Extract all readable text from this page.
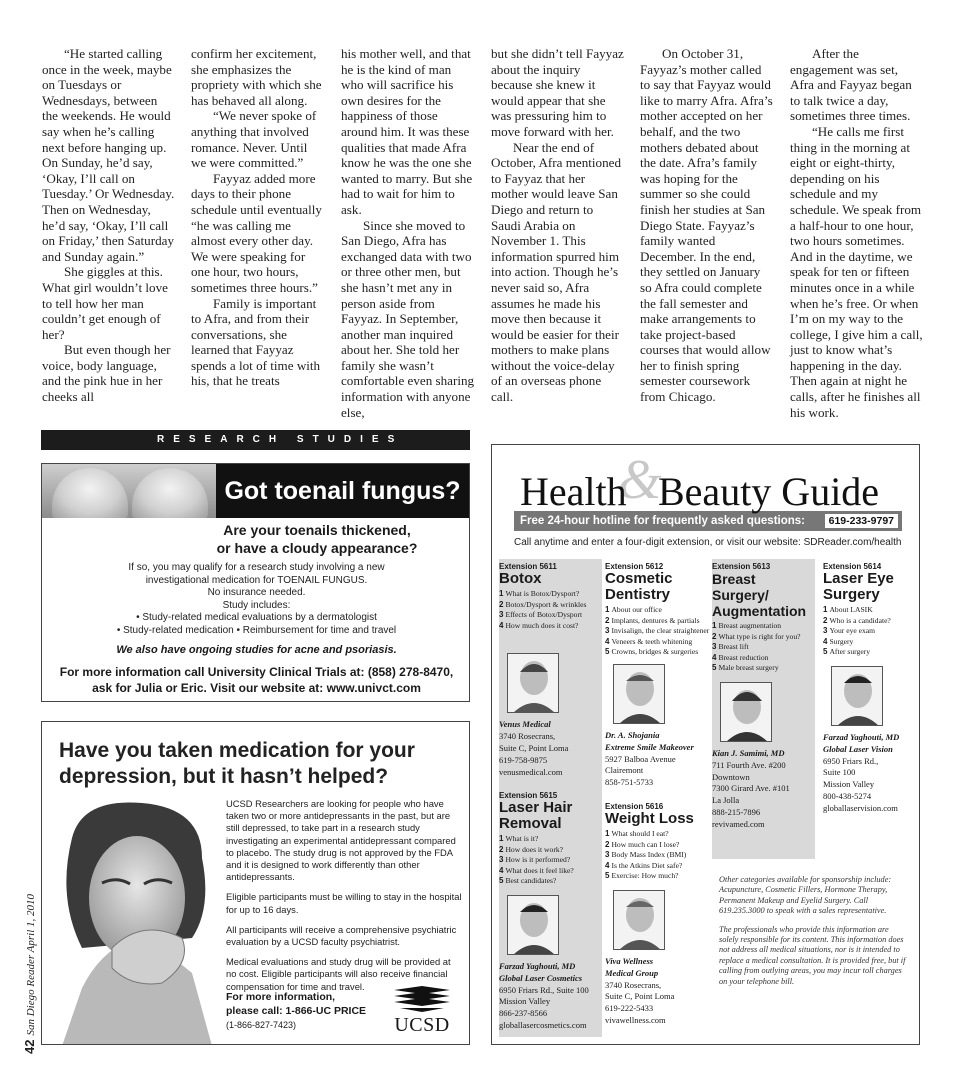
“He started calling once in the week, maybe on Tuesdays or Wednesdays, between the weekends. He would say when he’s calling next before hanging up. On Sunday, he’d say, ‘Okay, I’ll call on Tuesday.’ Or Wednesday. Then on Wednesday, he’d say, ‘Okay, I’ll call on Friday,’ then Saturday and Sunday again.”

She giggles at this. What girl wouldn’t love to tell how her man couldn’t get enough of her?

But even though her voice, body language, and the pink hue in her cheeks all

confirm her excitement, she emphasizes the propriety with which she has behaved all along.

“We never spoke of anything that involved romance. Never. Until we were committed.”

Fayyaz added more days to their phone schedule until eventually “he was calling me almost every other day. We were speaking for one hour, two hours, sometimes three hours.”

Family is important to Afra, and from their conversations, she learned that Fayyaz spends a lot of time with his, that he treats

his mother well, and that he is the kind of man who will sacrifice his own desires for the happiness of those around him. It was these qualities that made Afra know he was the one she wanted to marry. But she had to wait for him to ask.

Since she moved to San Diego, Afra has exchanged data with two or three other men, but she hasn’t met any in person aside from Fayyaz. In September, another man inquired about her. She told her family she wasn’t comfortable even sharing information with anyone else,

but she didn’t tell Fayyaz about the inquiry because she knew it would appear that she was pressuring him to move forward with her.

Near the end of October, Afra mentioned to Fayyaz that her mother would leave San Diego and return to Saudi Arabia on November 1. This information spurred him into action. Though he’s never said so, Afra assumes he made his move then because it would be easier for their mothers to make plans without the voice-delay of an overseas phone call.

On October 31, Fayyaz’s mother called to say that Fayyaz would like to marry Afra. Afra’s mother accepted on her behalf, and the two mothers debated about the date. Afra’s family was hoping for the summer so she could finish her studies at San Diego State. Fayyaz’s family wanted December. In the end, they settled on January so Afra could complete the fall semester and make arrangements to take project-based courses that would allow her to finish spring semester coursework from Chicago.

After the engagement was set, Afra and Fayyaz began to talk twice a day, sometimes three times.

“He calls me first thing in the morning at eight or eight-thirty, depending on his schedule and my schedule. We speak from a half-hour to one hour, two hours sometimes. And in the daytime, we speak for ten or fifteen minutes once in a while when he’s free. Or when I’m on my way to the college, I give him a call, just to know what’s happening in the day. Then again at night he calls, after he finishes all his work.

42San Diego Reader April 1, 2010
RESEARCH STUDIES
Got toenail fungus?
Are your toenails thickened,
or have a cloudy appearance?
If so, you may qualify for a research study involving a new
investigational medication for TOENAIL FUNGUS.
No insurance needed.
Study includes:
• Study-related medical evaluations by a dermatologist
• Study-related medication • Reimbursement for time and travel
We also have ongoing studies for acne and psoriasis.
For more information call University Clinical Trials at: (858) 278-8470,
ask for Julia or Eric. Visit our website at: www.univct.com
Have you taken medication for your
depression, but it hasn’t helped?

UCSD Researchers are looking for people who have taken two or more antidepressants in the past, but are still depressed, to take part in a research study investigating an experimental antidepressant compared to placebo. The study drug is not approved by the FDA and it is designed to work differently than other antidepressants.

Eligible participants must be willing to stay in the hospital for up to 16 days.

All participants will receive a comprehensive psychiatric evaluation by a UCSD faculty psychiatrist.

Medical evaluations and study drug will be provided at no cost. Eligible participants will also receive financial compensation for time and travel.

For more information,
please call: 1-866-UC PRICE
(1-866-827-7423)	UCSD
&
Health Beauty Guide
Free 24-hour hotline for frequently asked questions:	619-233-9797
Call anytime and enter a four-digit extension, or visit our website: SDReader.com/health
Extension 5611
Botox
1 What is Botox/Dysport?
2 Botox/Dysport & wrinkles
3 Effects of Botox/Dysport
4 How much does it cost?
Venus Medical
3740 Rosecrans,
Suite C, Point Loma
619-758-9875
venusmedical.com
Extension 5612
Cosmetic Dentistry
1 About our office
2 Implants, dentures & partials
3 Invisalign, the clear straightener
4 Veneers & teeth whitening
5 Crowns, bridges & surgeries
Dr. A. Shojania
Extreme Smile Makeover
5927 Balboa Avenue
Clairemont
858-751-5733
Extension 5613
Breast Surgery/ Augmentation
1 Breast augmentation
2 What type is right for you?
3 Breast lift
4 Breast reduction
5 Male breast surgery
Kian J. Samimi, MD
711 Fourth Ave. #200
Downtown
7300 Girard Ave. #101
La Jolla
888-215-7896
revivamed.com
Extension 5614
Laser Eye Surgery
1 About LASIK
2 Who is a candidate?
3 Your eye exam
4 Surgery
5 After surgery
Farzad Yaghouti, MD
Global Laser Vision
6950 Friars Rd.,
Suite 100
Mission Valley
800-438-5274
globallaservision.com
Extension 5615
Laser Hair Removal
1 What is it?
2 How does it work?
3 How is it performed?
4 What does it feel like?
5 Best candidates?
Farzad Yaghouti, MD
Global Laser Cosmetics
6950 Friars Rd., Suite 100
Mission Valley
866-237-8566
globallasercosmetics.com
Extension 5616
Weight Loss
1 What should I eat?
2 How much can I lose?
3 Body Mass Index (BMI)
4 Is the Atkins Diet safe?
5 Exercise: How much?
Viva Wellness
Medical Group
3740 Rosecrans,
Suite C, Point Loma
619-222-5433
vivawellness.com

Other categories available for sponsorship include: Acupuncture, Cosmetic Fillers, Hormone Therapy, Permanent Makeup and Eyelid Surgery. Call 619.235.3000 to speak with a sales representative.

The professionals who provide this information are solely responsible for its content. This information does not address all medical situations, nor is it intended to replace a medical consultation. It is provided free, but if calling from outlying areas, you may incur toll charges on your telephone bill.
